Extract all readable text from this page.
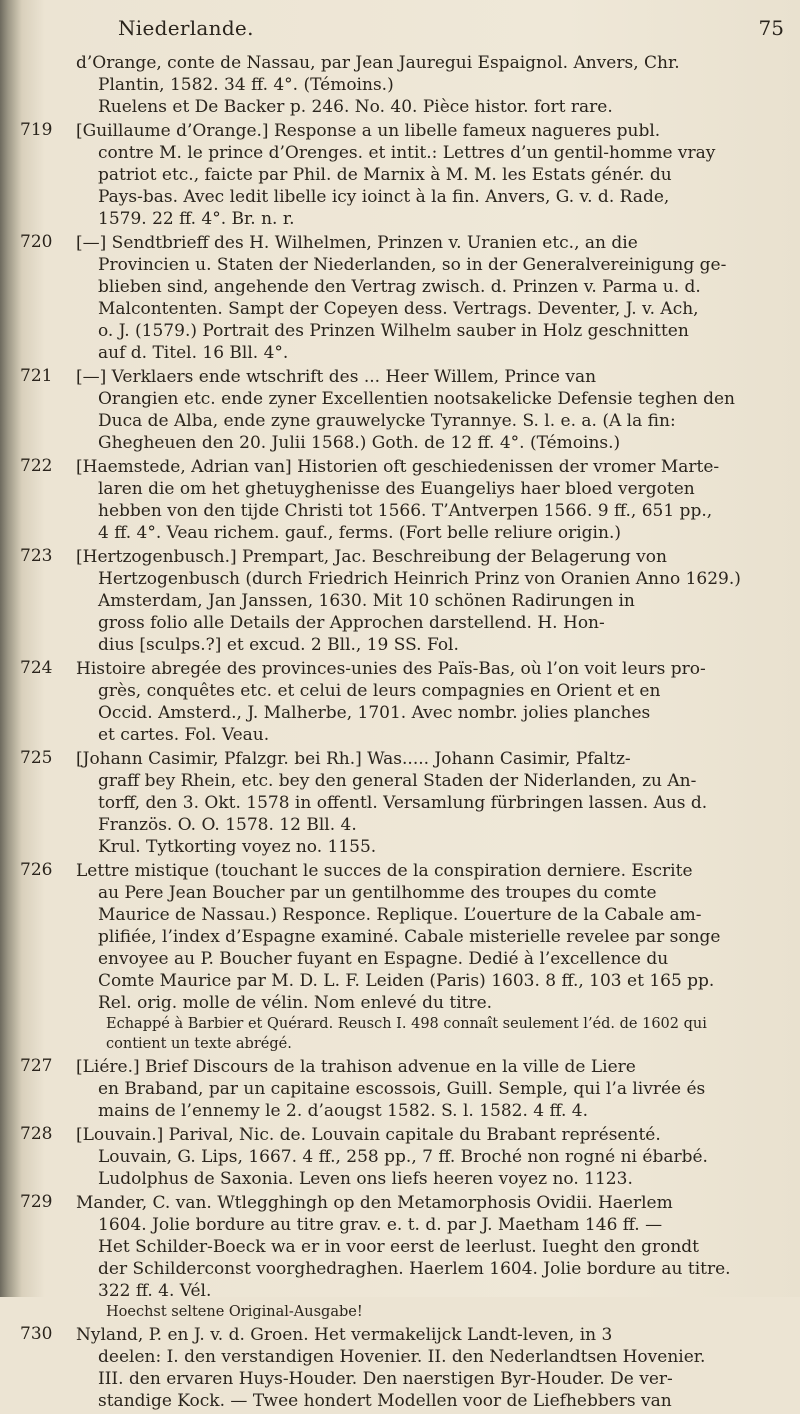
Niederlande.	75
d’Orange, conte de Nassau, par Jean Jauregui Espaignol. Anvers, Chr.
Plantin, 1582. 34 ff. 4°. (Témoins.)
Ruelens et De Backer p. 246. No. 40. Pièce histor. fort rare.
719	[Guillaume d’Orange.] Response a un libelle fameux nagueres publ.
contre M. le prince d’Orenges. et intit.: Lettres d’un gentil-homme vray
patriot etc., faicte par Phil. de Marnix à M. M. les Estats génér. du
Pays-bas. Avec ledit libelle icy ioinct à la fin. Anvers, G. v. d. Rade,
1579. 22 ff. 4°. Br. n. r.
720	[—] Sendtbrieff des H. Wilhelmen, Prinzen v. Uranien etc., an die
Provincien u. Staten der Niederlanden, so in der Generalvereinigung ge-
blieben sind, angehende den Vertrag zwisch. d. Prinzen v. Parma u. d.
Malcontenten. Sampt der Copeyen dess. Vertrags. Deventer, J. v. Ach,
o. J. (1579.) Portrait des Prinzen Wilhelm sauber in Holz geschnitten
auf d. Titel. 16 Bll. 4°.
721	[—] Verklaers ende wtschrift des ... Heer Willem, Prince van
Orangien etc. ende zyner Excellentien nootsakelicke Defensie teghen den
Duca de Alba, ende zyne grauwelycke Tyrannye. S. l. e. a. (A la fin:
Ghegheuen den 20. Julii 1568.) Goth. de 12 ff. 4°. (Témoins.)
722	[Haemstede, Adrian van] Historien oft geschiedenissen der vromer Marte-
laren die om het ghetuyghenisse des Euangeliys haer bloed vergoten
hebben von den tijde Christi tot 1566. T’Antverpen 1566. 9 ff., 651 pp.,
4 ff. 4°. Veau richem. gauf., ferms. (Fort belle reliure origin.)
723	[Hertzogenbusch.] Prempart, Jac. Beschreibung der Belagerung von
Hertzogenbusch (durch Friedrich Heinrich Prinz von Oranien Anno 1629.)
Amsterdam, Jan Janssen, 1630. Mit 10 schönen Radirungen in
gross folio alle Details der Approchen darstellend. H. Hon-
dius [sculps.?] et excud. 2 Bll., 19 SS. Fol.
724	Histoire abregée des provinces-unies des Païs-Bas, où l’on voit leurs pro-
grès, conquêtes etc. et celui de leurs compagnies en Orient et en
Occid. Amsterd., J. Malherbe, 1701. Avec nombr. jolies planches
et cartes. Fol. Veau.
725	[Johann Casimir, Pfalzgr. bei Rh.] Was..... Johann Casimir, Pfaltz-
graff bey Rhein, etc. bey den general Staden der Niderlanden, zu An-
torff, den 3. Okt. 1578 in offentl. Versamlung fürbringen lassen. Aus d.
Französ. O. O. 1578. 12 Bll. 4.
Krul. Tytkorting voyez no. 1155.
726	Lettre mistique (touchant le succes de la conspiration derniere. Escrite
au Pere Jean Boucher par un gentilhomme des troupes du comte
Maurice de Nassau.) Responce. Replique. L’ouerture de la Cabale am-
plifiée, l’index d’Espagne examiné. Cabale misterielle revelee par songe
envoyee au P. Boucher fuyant en Espagne. Dedié à l’excellence du
Comte Maurice par M. D. L. F. Leiden (Paris) 1603. 8 ff., 103 et 165 pp.
Rel. orig. molle de vélin. Nom enlevé du titre.
Echappé à Barbier et Quérard. Reusch I. 498 connaît seulement l’éd. de 1602 qui
contient un texte abrégé.
727	[Liére.] Brief Discours de la trahison advenue en la ville de Liere
en Braband, par un capitaine escossois, Guill. Semple, qui l’a livrée és
mains de l’ennemy le 2. d’aougst 1582. S. l. 1582. 4 ff. 4.
728	[Louvain.] Parival, Nic. de. Louvain capitale du Brabant représenté.
Louvain, G. Lips, 1667. 4 ff., 258 pp., 7 ff. Broché non rogné ni ébarbé.
Ludolphus de Saxonia. Leven ons liefs heeren voyez no. 1123.
729	Mander, C. van. Wtlegghingh op den Metamorphosis Ovidii. Haerlem
1604. Jolie bordure au titre grav. e. t. d. par J. Maetham 146 ff. —
Het Schilder-Boeck wa er in voor eerst de leerlust. Iueght den grondt
der Schilderconst voorghedraghen. Haerlem 1604. Jolie bordure au titre.
322 ff. 4. Vél.
Hoechst seltene Original-Ausgabe!
730	Nyland, P. en J. v. d. Groen. Het vermakelijck Landt-leven, in 3
deelen: I. den verstandigen Hovenier. II. den Nederlandtsen Hovenier.
III. den ervaren Huys-Houder. Den naerstigen Byr-Houder. De ver-
standige Kock. — Twee hondert Modellen voor de Liefhebbers van
